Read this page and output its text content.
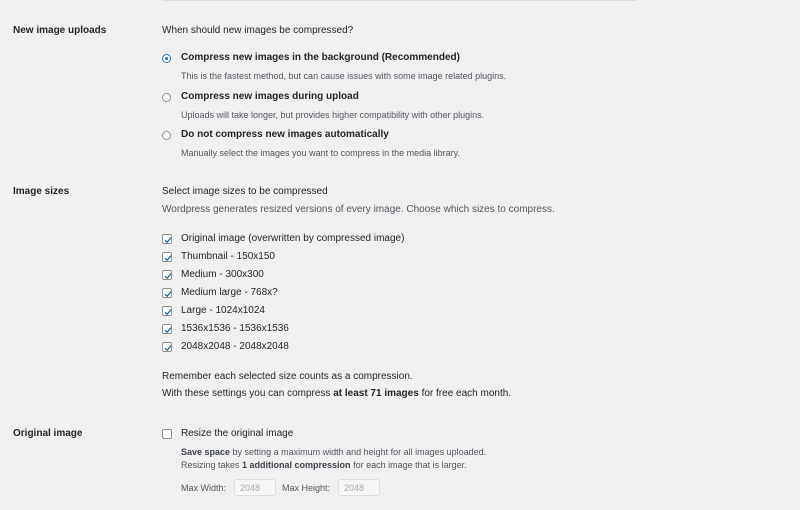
New image uploads	When should new images be compressed?
Compress new images in the background (Recommended)
This is the fastest method, but can cause issues with some image related plugins.
Compress new images during upload
Uploads will take longer, but provides higher compatibility with other plugins.
Do not compress new images automatically
Manually select the images you want to compress in the media library.
Image sizes	Select image sizes to be compressed
Wordpress generates resized versions of every image. Choose which sizes to compress.
Original image (overwritten by compressed image)
Thumbnail - 150x150
Medium - 300x300
Medium large - 768x?
Large - 1024x1024
1536x1536 - 1536x1536
2048x2048 - 2048x2048
Remember each selected size counts as a compression.
With these settings you can compress at least 71 images for free each month.
Original image	Resize the original image
Save space by setting a maximum width and height for all images uploaded.
Resizing takes 1 additional compression for each image that is larger.
Max Width:
2048	Max Height:
2048
